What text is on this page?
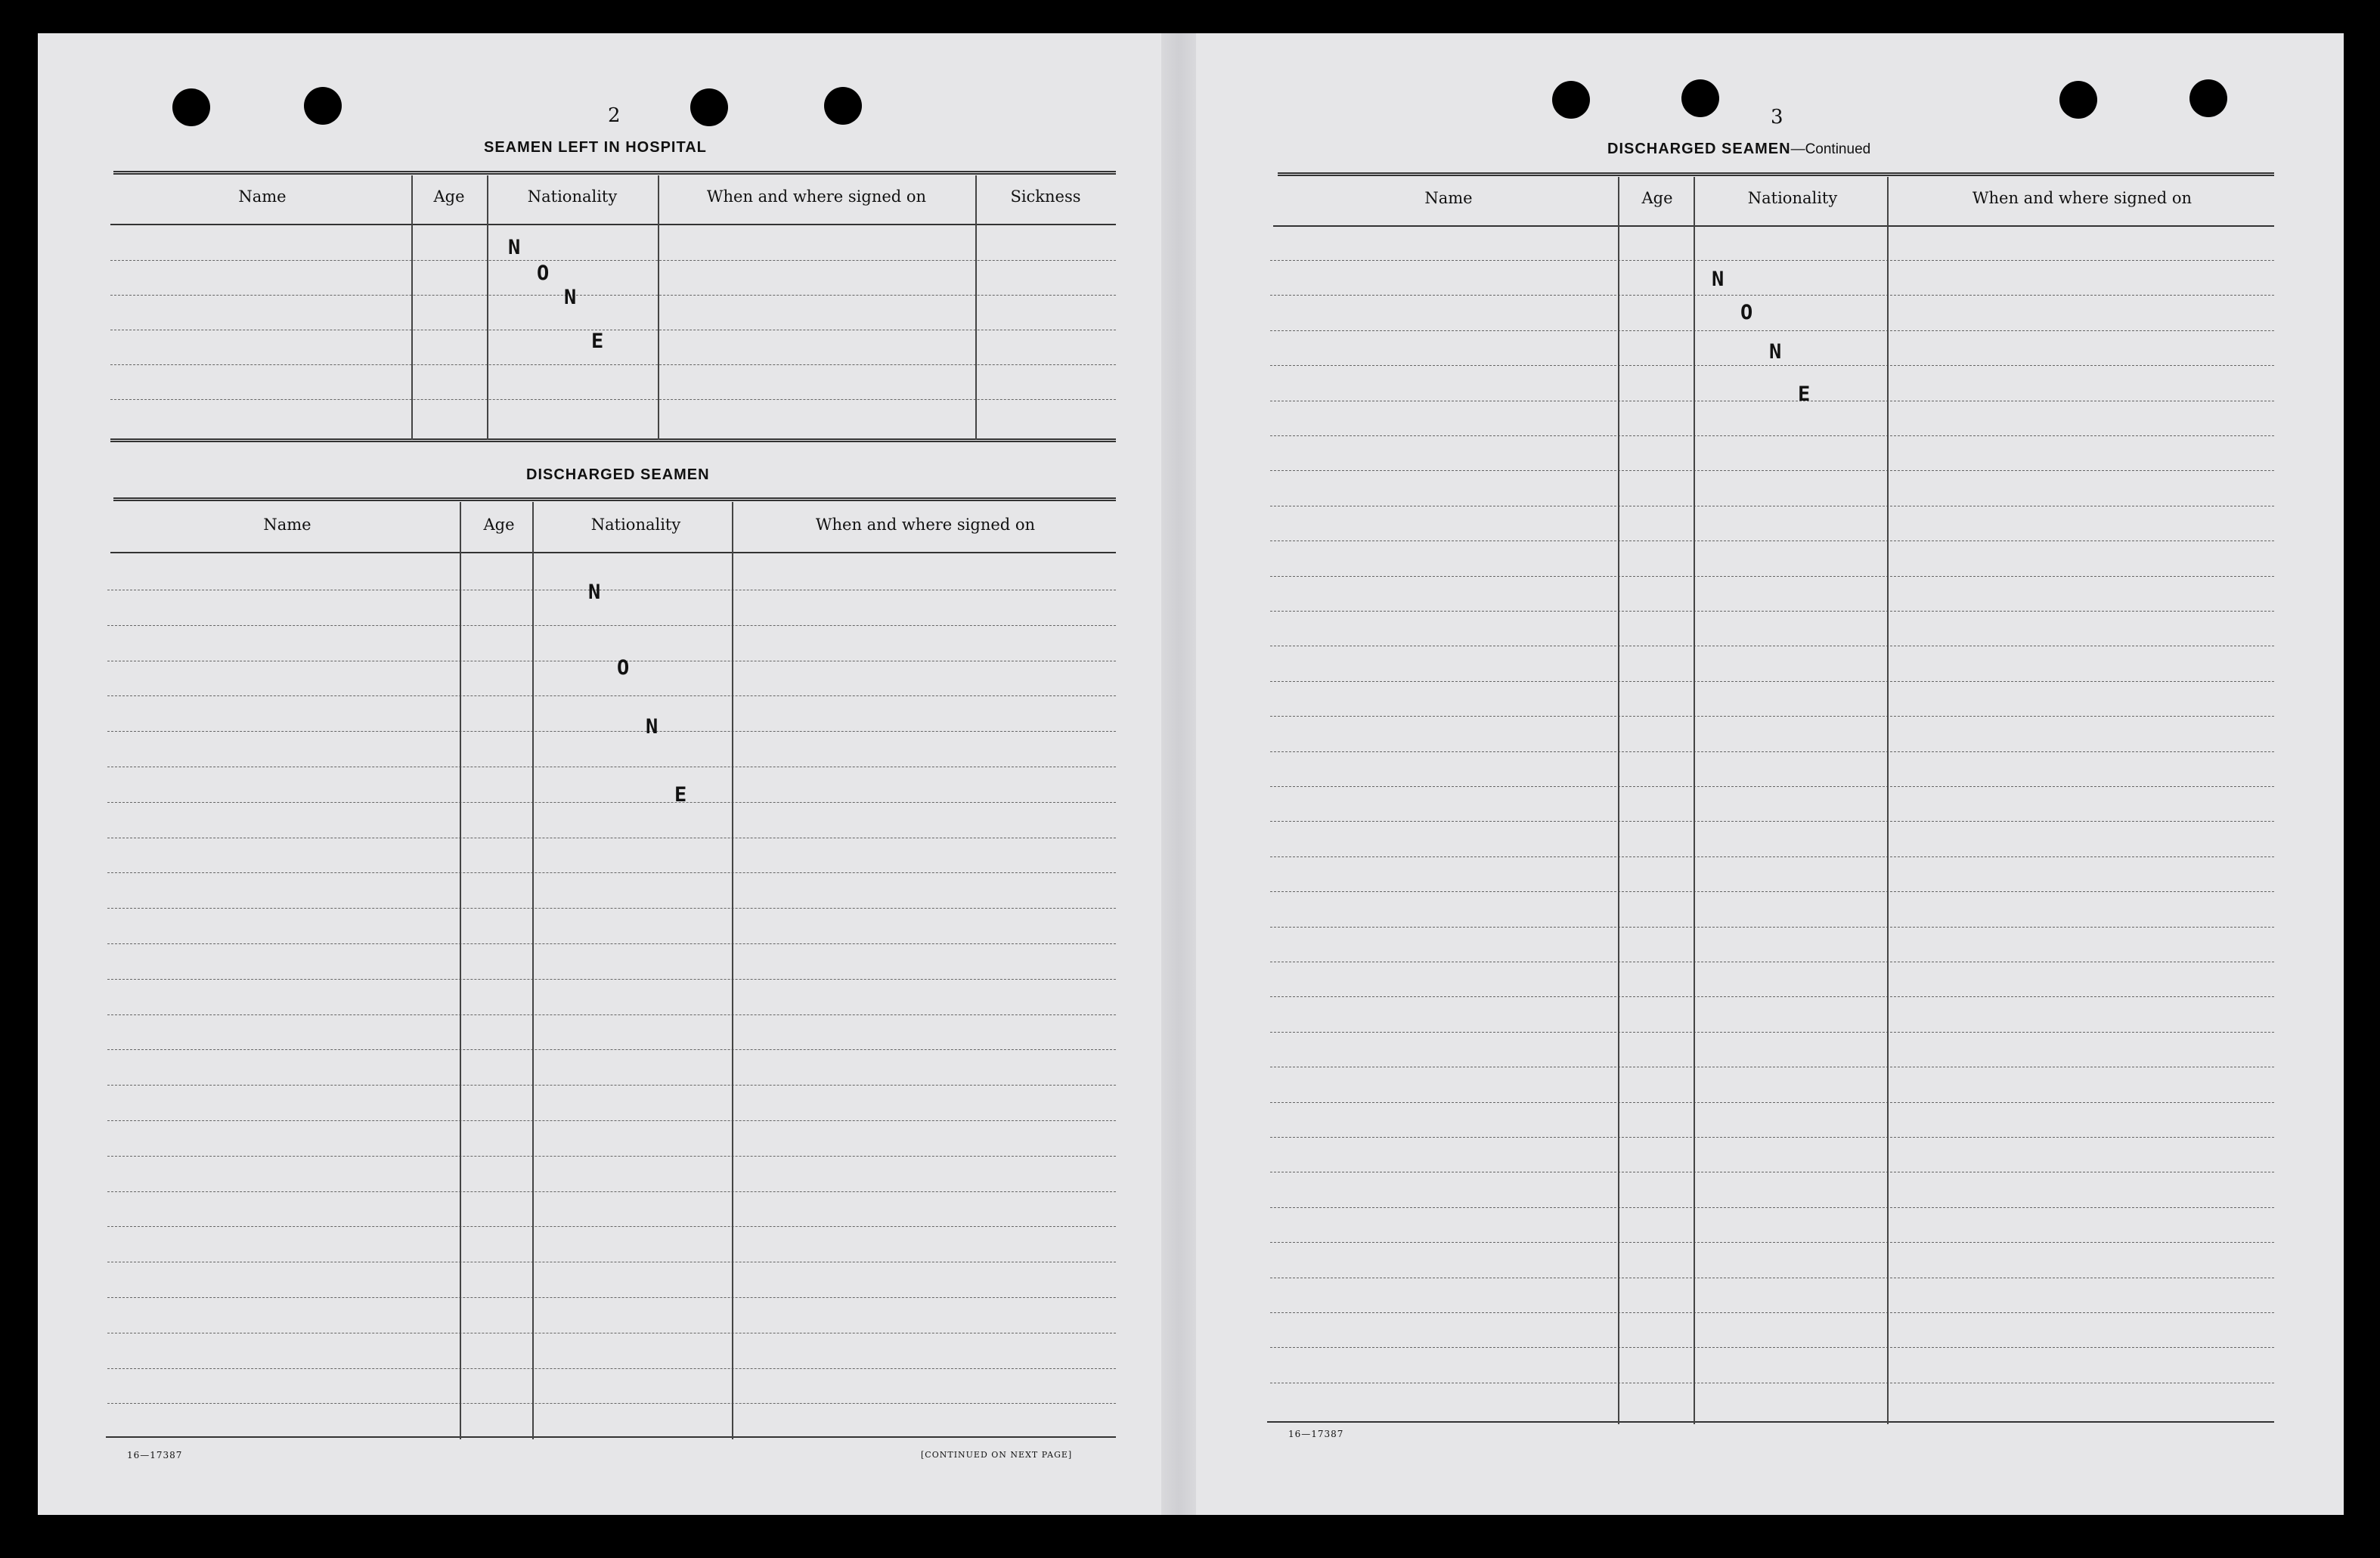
2
SEAMEN LEFT IN HOSPITAL
Name	Age	Nationality	When and where signed on	Sickness
N
O
N
E
DISCHARGED SEAMEN
Name	Age	Nationality	When and where signed on
N
O
N
E
16—17387	[CONTINUED ON NEXT PAGE]
3
DISCHARGED SEAMEN—Continued
Name	Age	Nationality	When and where signed on
N
O
N
E
16—17387
